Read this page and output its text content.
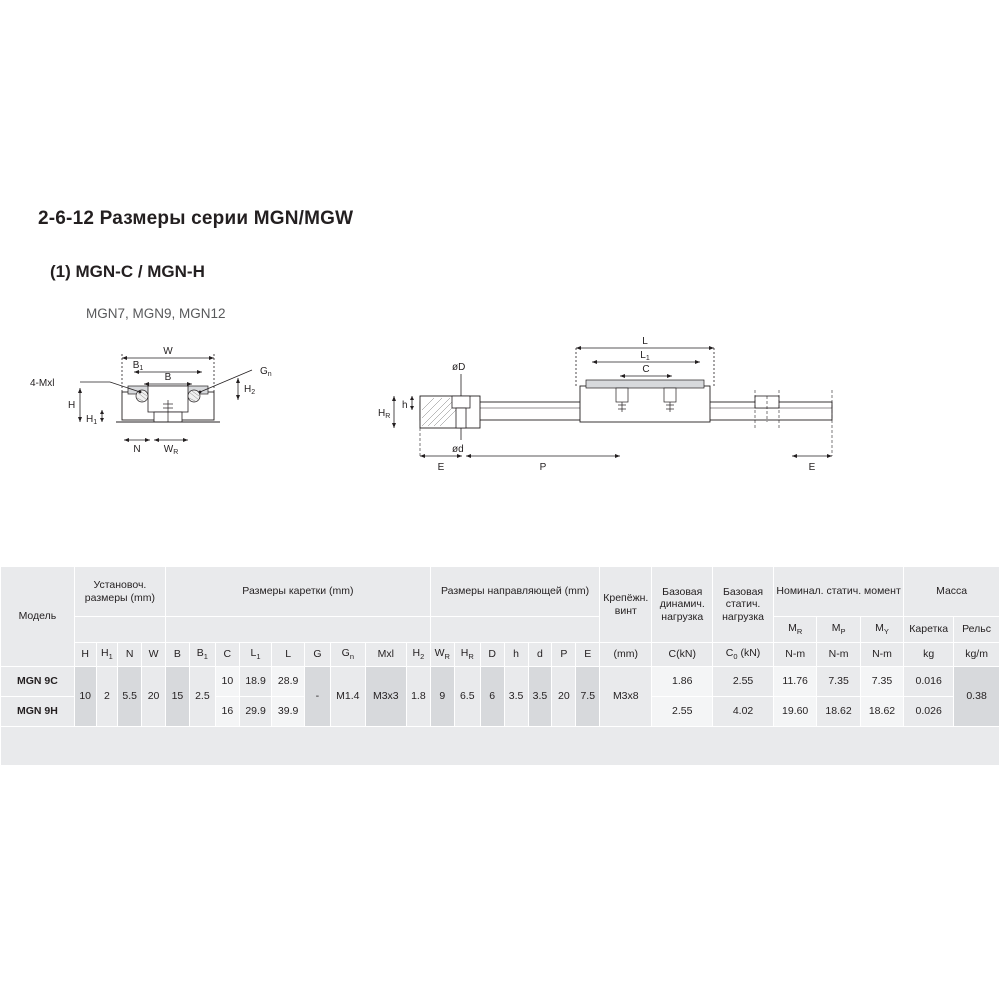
2-6-12 Размеры серии MGN/MGW
(1) MGN-C / MGN-H
MGN7, MGN9, MGN12
W
$B_1$
B
$G_n$
4-Mxl
$H_2$
H
$H_1$
N $W_R$
L
$L_1$
C
øD
ød
$H_R$
h
E	P	E
Модель	Установоч. размеры (mm)				Размеры каретки (mm)									Размеры направляющей (mm)							Крепёжн. винт	Базовая динамич. нагрузка	Базовая статич. нагрузка	Номинал. статич. момент			Масса	
																								$M_R$	$M_P$	$M_Y$	Каретка	Рельс
	H	$H_1$	N	W	B	$B_1$	C	$L_1$	L	G	$G_n$	Mxl	$H_2$	$W_R$	$H_R$	D	h	d	P	E	(mm)	C(kN)	$C_0$ (kN)	N-m	N-m	N-m	kg	kg/m
MGN 9C	10	2	5.5	20	15	2.5	10	18.9	28.9	-	M1.4	M3x3	1.8	9	6.5	6	3.5	3.5	20	7.5	M3x8	1.86	2.55	11.76	7.35	7.35	0.016	0.38
MGN 9H							16	29.9	39.9													2.55	4.02	19.60	18.62	18.62	0.026	
